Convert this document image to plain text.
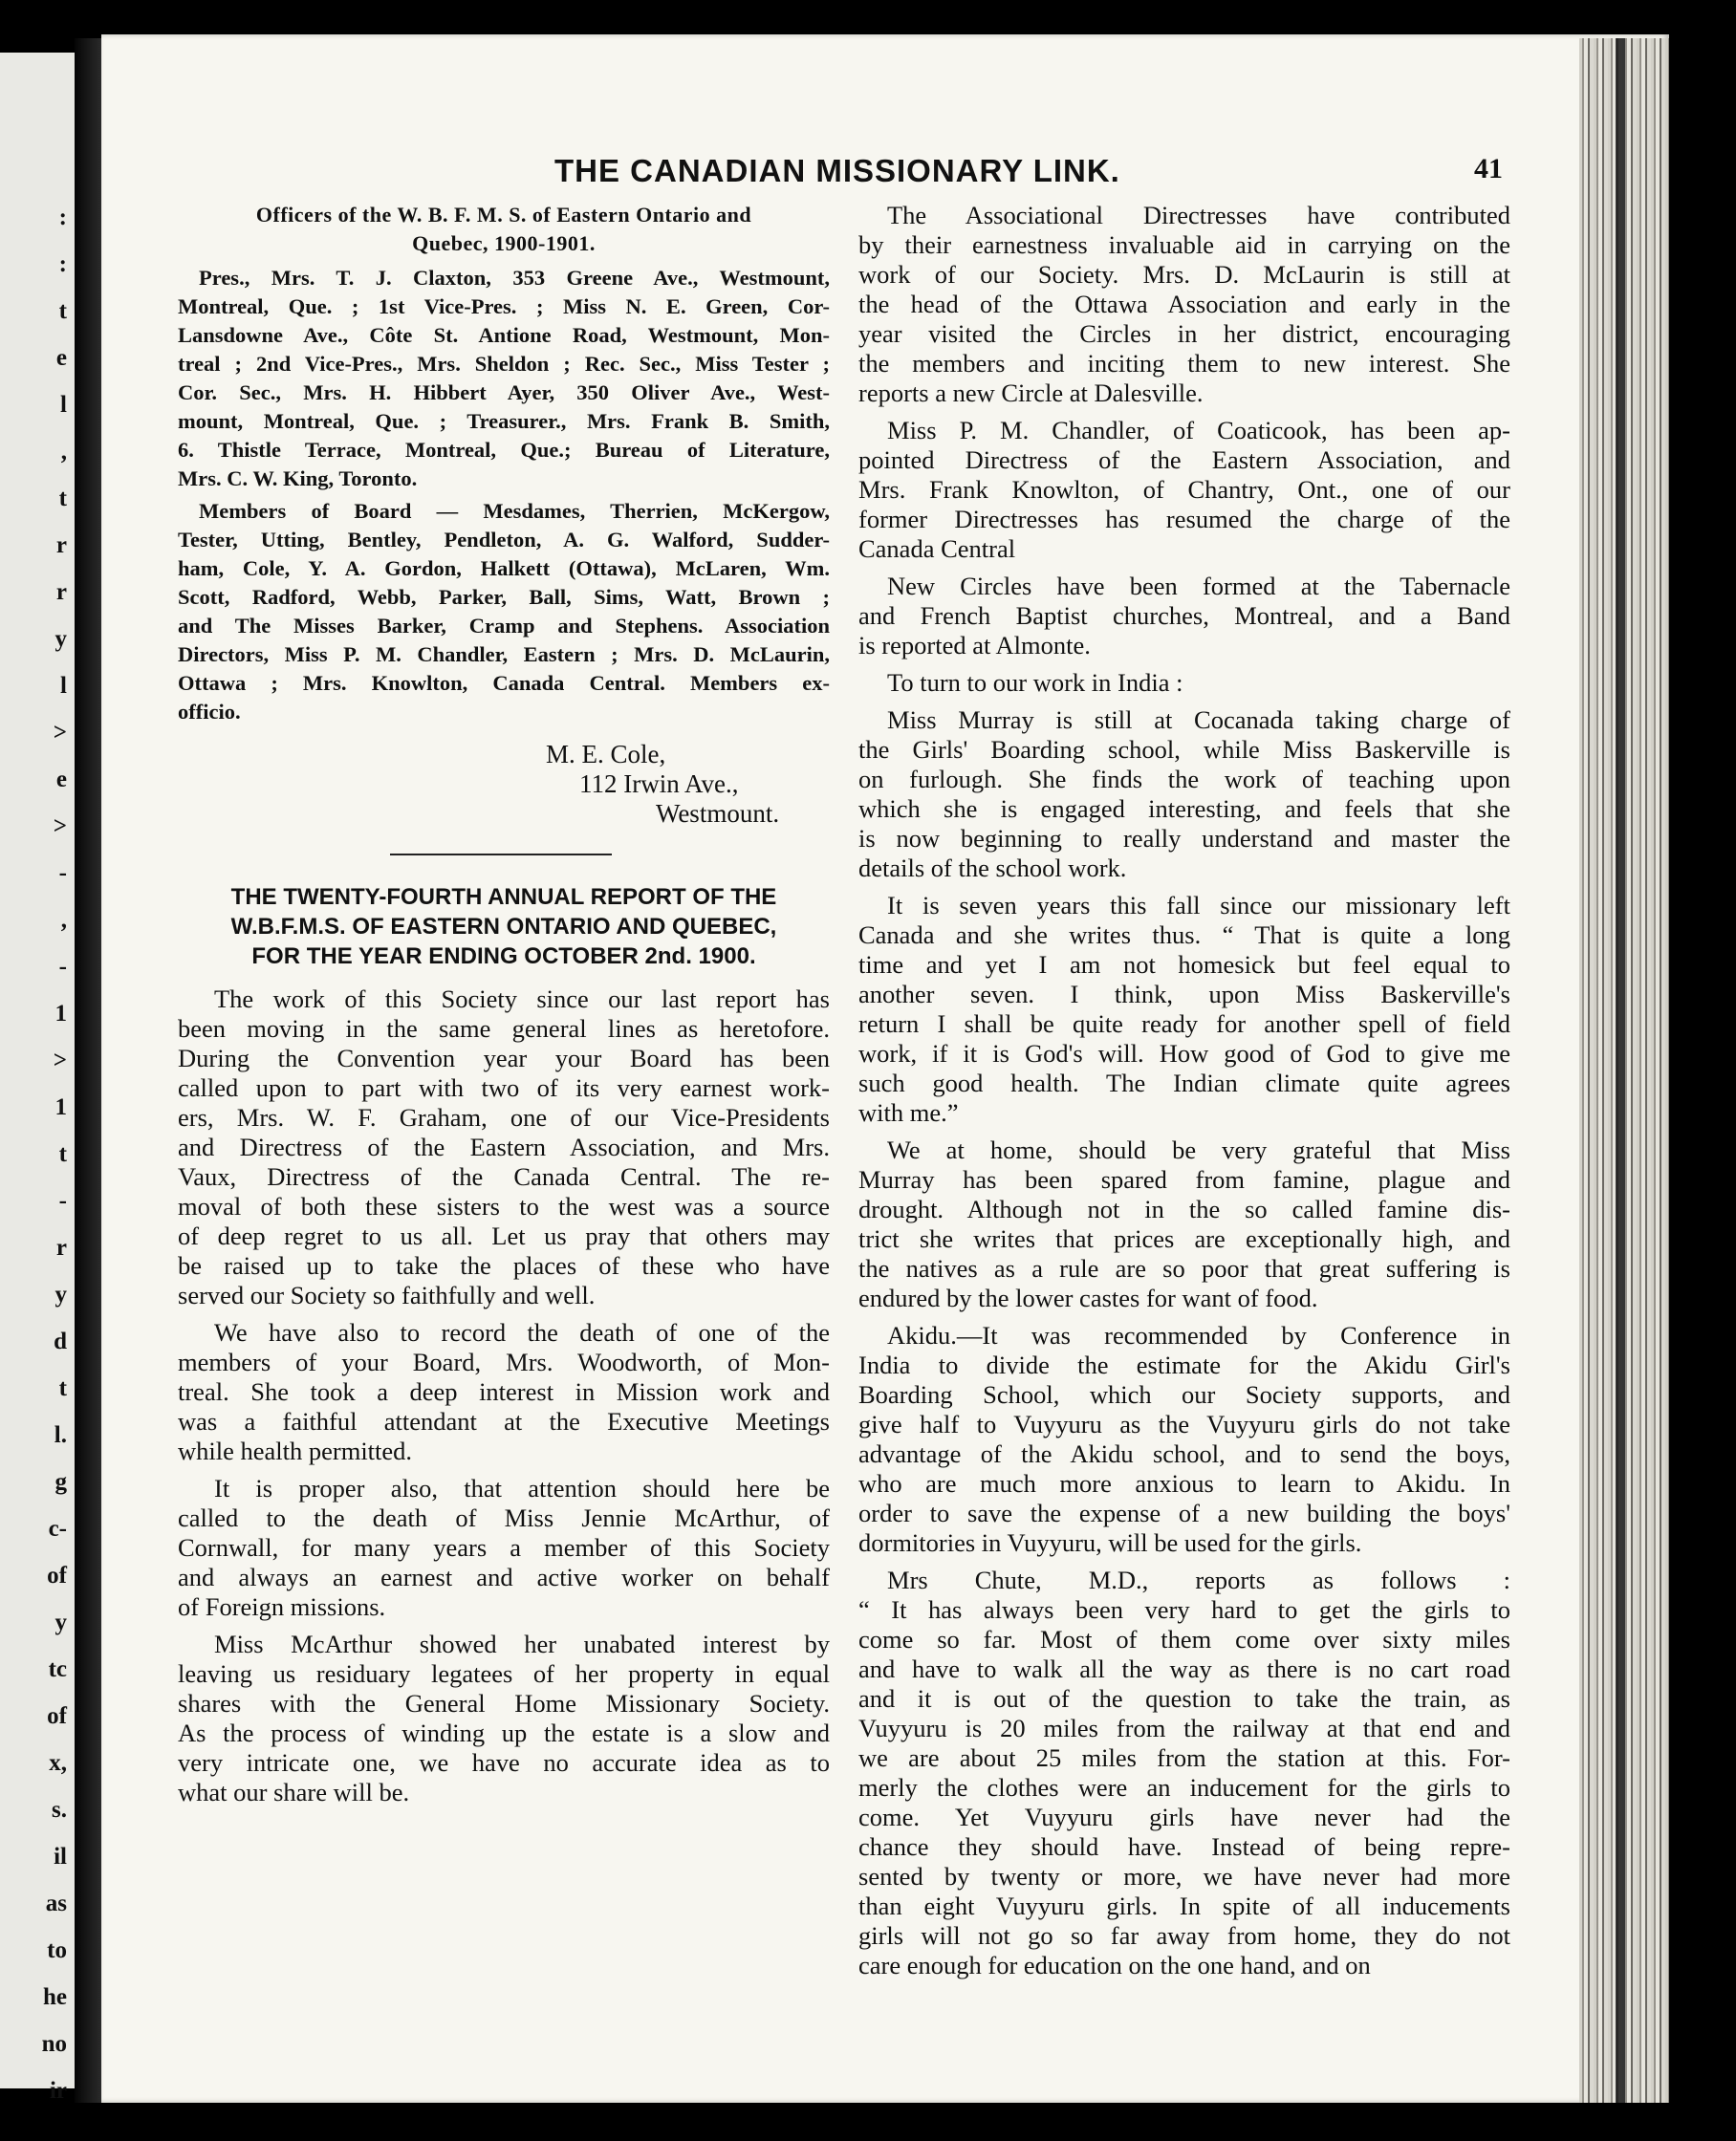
:
:
t
e
l
,
t
r
r
y
l
>
e
>
-
,
-
1
>
1
t
-
r
y
d
t
l.
g
c-
of
y
tc
of
x,
s.
il
as
to
he
no
ir
THE CANADIAN MISSIONARY LINK.	41
Officers of the W. B. F. M. S. of Eastern Ontario and
Quebec, 1900-1901.
Pres., Mrs. T. J. Claxton, 353 Greene Ave., Westmount,
Montreal, Que. ; 1st Vice-Pres. ; Miss N. E. Green, Cor-
Lansdowne Ave., Côte St. Antione Road, Westmount, Mon-
treal ; 2nd Vice-Pres., Mrs. Sheldon ; Rec. Sec., Miss Tester ;
Cor. Sec., Mrs. H. Hibbert Ayer, 350 Oliver Ave., West-
mount, Montreal, Que. ; Treasurer., Mrs. Frank B. Smith,
6. Thistle Terrace, Montreal, Que.; Bureau of Literature,
Mrs. C. W. King, Toronto.
Members of Board — Mesdames, Therrien, McKergow,
Tester, Utting, Bentley, Pendleton, A. G. Walford, Sudder-
ham, Cole, Y. A. Gordon, Halkett (Ottawa), McLaren, Wm.
Scott, Radford, Webb, Parker, Ball, Sims, Watt, Brown ;
and The Misses Barker, Cramp and Stephens. Association
Directors, Miss P. M. Chandler, Eastern ; Mrs. D. McLaurin,
Ottawa ; Mrs. Knowlton, Canada Central. Members ex-
officio.
M. E. Cole,
112 Irwin Ave.,
Westmount.
THE TWENTY-FOURTH ANNUAL REPORT OF THE
W.B.F.M.S. OF EASTERN ONTARIO AND QUEBEC,
FOR THE YEAR ENDING OCTOBER 2nd. 1900.
The work of this Society since our last report has
been moving in the same general lines as heretofore.
During the Convention year your Board has been
called upon to part with two of its very earnest work-
ers, Mrs. W. F. Graham, one of our Vice-Presidents
and Directress of the Eastern Association, and Mrs.
Vaux, Directress of the Canada Central. The re-
moval of both these sisters to the west was a source
of deep regret to us all. Let us pray that others may
be raised up to take the places of these who have
served our Society so faithfully and well.
We have also to record the death of one of the
members of your Board, Mrs. Woodworth, of Mon-
treal. She took a deep interest in Mission work and
was a faithful attendant at the Executive Meetings
while health permitted.
It is proper also, that attention should here be
called to the death of Miss Jennie McArthur, of
Cornwall, for many years a member of this Society
and always an earnest and active worker on behalf
of Foreign missions.
Miss McArthur showed her unabated interest by
leaving us residuary legatees of her property in equal
shares with the General Home Missionary Society.
As the process of winding up the estate is a slow and
very intricate one, we have no accurate idea as to
what our share will be.
The Associational Directresses have contributed
by their earnestness invaluable aid in carrying on the
work of our Society. Mrs. D. McLaurin is still at
the head of the Ottawa Association and early in the
year visited the Circles in her district, encouraging
the members and inciting them to new interest. She
reports a new Circle at Dalesville.
Miss P. M. Chandler, of Coaticook, has been ap-
pointed Directress of the Eastern Association, and
Mrs. Frank Knowlton, of Chantry, Ont., one of our
former Directresses has resumed the charge of the
Canada Central
New Circles have been formed at the Tabernacle
and French Baptist churches, Montreal, and a Band
is reported at Almonte.
To turn to our work in India :
Miss Murray is still at Cocanada taking charge of
the Girls' Boarding school, while Miss Baskerville is
on furlough. She finds the work of teaching upon
which she is engaged interesting, and feels that she
is now beginning to really understand and master the
details of the school work.
It is seven years this fall since our missionary left
Canada and she writes thus. “ That is quite a long
time and yet I am not homesick but feel equal to
another seven. I think, upon Miss Baskerville's
return I shall be quite ready for another spell of field
work, if it is God's will. How good of God to give me
such good health. The Indian climate quite agrees
with me.”
We at home, should be very grateful that Miss
Murray has been spared from famine, plague and
drought. Although not in the so called famine dis-
trict she writes that prices are exceptionally high, and
the natives as a rule are so poor that great suffering is
endured by the lower castes for want of food.
Akidu.—It was recommended by Conference in
India to divide the estimate for the Akidu Girl's
Boarding School, which our Society supports, and
give half to Vuyyuru as the Vuyyuru girls do not take
advantage of the Akidu school, and to send the boys,
who are much more anxious to learn to Akidu. In
order to save the expense of a new building the boys'
dormitories in Vuyyuru, will be used for the girls.
Mrs Chute, M.D., reports as follows :
“ It has always been very hard to get the girls to
come so far. Most of them come over sixty miles
and have to walk all the way as there is no cart road
and it is out of the question to take the train, as
Vuyyuru is 20 miles from the railway at that end and
we are about 25 miles from the station at this. For-
merly the clothes were an inducement for the girls to
come. Yet Vuyyuru girls have never had the
chance they should have. Instead of being repre-
sented by twenty or more, we have never had more
than eight Vuyyuru girls. In spite of all inducements
girls will not go so far away from home, they do not
care enough for education on the one hand, and on
